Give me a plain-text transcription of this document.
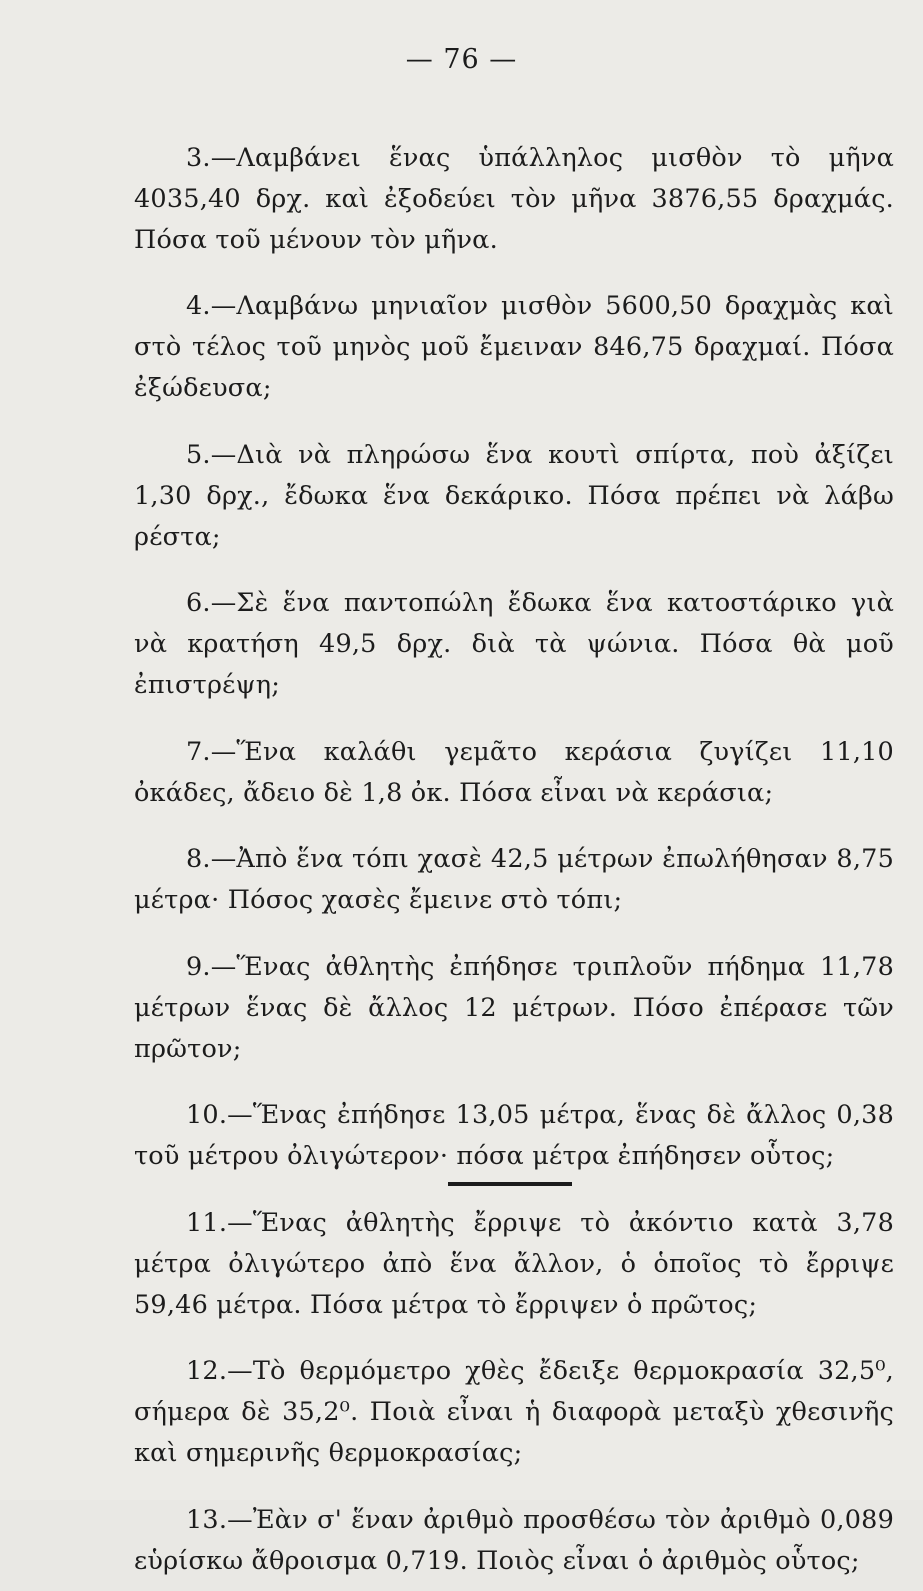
— 76 —

3.—Λαμβάνει ἕνας ὑπάλληλος μισθὸν τὸ μῆνα 4035,40 δρχ. καὶ ἐξοδεύει τὸν μῆνα 3876,55 δραχμάς. Πόσα τοῦ μένουν τὸν μῆνα.

4.—Λαμβάνω μηνιαῖον μισθὸν 5600,50 δραχμὰς καὶ στὸ τέλος τοῦ μηνὸς μοῦ ἔμειναν 846,75 δραχμαί. Πόσα ἐξώδευσα;

5.—Διὰ νὰ πληρώσω ἕνα κουτὶ σπίρτα, ποὺ ἀξίζει 1,30 δρχ., ἔδωκα ἕνα δεκάρικο. Πόσα πρέπει νὰ λάβω ρέστα;

6.—Σὲ ἕνα παντοπώλη ἔδωκα ἕνα κατοστάρικο γιὰ νὰ κρατήση 49,5 δρχ. διὰ τὰ ψώνια. Πόσα θὰ μοῦ ἐπιστρέψη;

7.—Ἕνα καλάθι γεμᾶτο κεράσια ζυγίζει 11,10 ὀκάδες, ἄδειο δὲ 1,8 ὀκ. Πόσα εἶναι νὰ κεράσια;

8.—Ἀπὸ ἕνα τόπι χασὲ 42,5 μέτρων ἐπωλήθησαν 8,75 μέτρα· Πόσος χασὲς ἔμεινε στὸ τόπι;

9.—Ἕνας ἀθλητὴς ἐπήδησε τριπλοῦν πήδημα 11,78 μέτρων ἕνας δὲ ἄλλος 12 μέτρων. Πόσο ἐπέρασε τῶν πρῶτον;

10.—Ἕνας ἐπήδησε 13,05 μέτρα, ἕνας δὲ ἄλλος 0,38 τοῦ μέτρου ὀλιγώτερον· πόσα μέτρα ἐπήδησεν οὗτος;

11.—Ἕνας ἀθλητὴς ἔρριψε τὸ ἀκόντιο κατὰ 3,78 μέτρα ὀλιγώτερο ἀπὸ ἕνα ἄλλον, ὁ ὁποῖος τὸ ἔρριψε 59,46 μέτρα. Πόσα μέτρα τὸ ἔρριψεν ὁ πρῶτος;

12.—Τὸ θερμόμετρο χθὲς ἔδειξε θερμοκρασία 32,5⁰, σήμερα δὲ 35,2⁰. Ποιὰ εἶναι ἡ διαφορὰ μεταξὺ χθεσινῆς καὶ σημερινῆς θερμοκρασίας;

13.—Ἐὰν σ' ἕναν ἀριθμὸ προσθέσω τὸν ἀριθμὸ 0,089 εὑρίσκω ἄθροισμα 0,719. Ποιὸς εἶναι ὁ ἀριθμὸς οὗτος;
